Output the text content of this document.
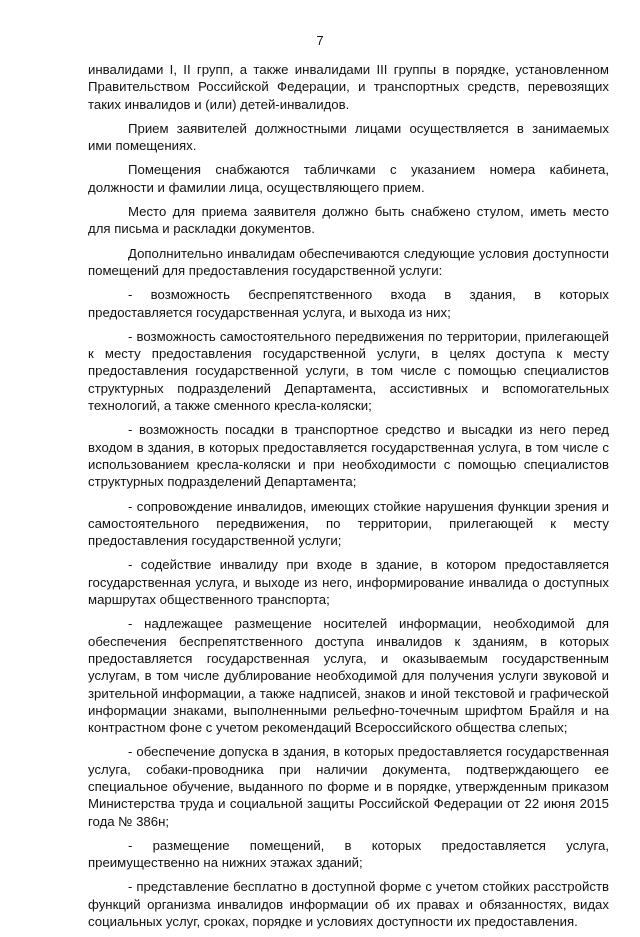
7

инвалидами I, II групп, а также инвалидами III группы в порядке, установленном Правительством Российской Федерации, и транспортных средств, перевозящих таких инвалидов и (или) детей-инвалидов.

Прием заявителей должностными лицами осуществляется в занимаемых ими помещениях.

Помещения снабжаются табличками с указанием номера кабинета, должности и фамилии лица, осуществляющего прием.

Место для приема заявителя должно быть снабжено стулом, иметь место для письма и раскладки документов.

Дополнительно инвалидам обеспечиваются следующие условия доступности помещений для предоставления государственной услуги:

- возможность беспрепятственного входа в здания, в которых предоставляется государственная услуга, и выхода из них;

- возможность самостоятельного передвижения по территории, прилегающей к месту предоставления государственной услуги, в целях доступа к месту предоставления государственной услуги, в том числе с помощью специалистов структурных подразделений Департамента, ассистивных и вспомогательных технологий, а также сменного кресла-коляски;

- возможность посадки в транспортное средство и высадки из него перед входом в здания, в которых предоставляется государственная услуга, в том числе с использованием кресла-коляски и при необходимости с помощью специалистов структурных подразделений Департамента;

- сопровождение инвалидов, имеющих стойкие нарушения функции зрения и самостоятельного передвижения, по территории, прилегающей к месту предоставления государственной услуги;

- содействие инвалиду при входе в здание, в котором предоставляется государственная услуга, и выходе из него, информирование инвалида о доступных маршрутах общественного транспорта;

- надлежащее размещение носителей информации, необходимой для обеспечения беспрепятственного доступа инвалидов к зданиям, в которых предоставляется государственная услуга, и оказываемым государственным услугам, в том числе дублирование необходимой для получения услуги звуковой и зрительной информации, а также надписей, знаков и иной текстовой и графической информации знаками, выполненными рельефно-точечным шрифтом Брайля и на контрастном фоне с учетом рекомендаций Всероссийского общества слепых;

- обеспечение допуска в здания, в которых предоставляется государственная услуга, собаки-проводника при наличии документа, подтверждающего ее специальное обучение, выданного по форме и в порядке, утвержденным приказом Министерства труда и социальной защиты Российской Федерации от 22 июня 2015 года № 386н;

- размещение помещений, в которых предоставляется услуга, преимущественно на нижних этажах зданий;

- представление бесплатно в доступной форме с учетом стойких расстройств функций организма инвалидов информации об их правах и обязанностях, видах социальных услуг, сроках, порядке и условиях доступности их предоставления.
